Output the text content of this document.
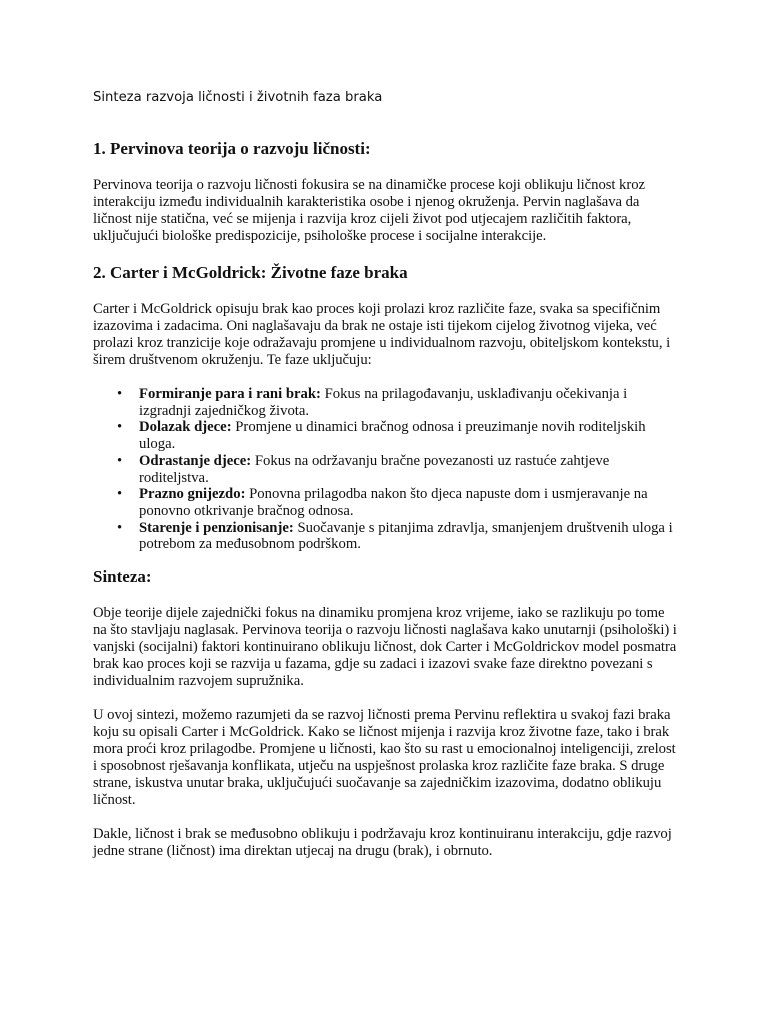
Sinteza razvoja ličnosti i životnih faza braka
1. Pervinova teorija o razvoju ličnosti:

Pervinova teorija o razvoju ličnosti fokusira se na dinamičke procese koji oblikuju ličnost kroz interakciju između individualnih karakteristika osobe i njenog okruženja. Pervin naglašava da ličnost nije statična, već se mijenja i razvija kroz cijeli život pod utjecajem različitih faktora, uključujući biološke predispozicije, psihološke procese i socijalne interakcije.

2. Carter i McGoldrick: Životne faze braka

Carter i McGoldrick opisuju brak kao proces koji prolazi kroz različite faze, svaka sa specifičnim izazovima i zadacima. Oni naglašavaju da brak ne ostaje isti tijekom cijelog životnog vijeka, već prolazi kroz tranzicije koje odražavaju promjene u individualnom razvoju, obiteljskom kontekstu, i širem društvenom okruženju. Te faze uključuju:

• Formiranje para i rani brak: Fokus na prilagođavanju, usklađivanju očekivanja i izgradnji zajedničkog života.
• Dolazak djece: Promjene u dinamici bračnog odnosa i preuzimanje novih roditeljskih uloga.
• Odrastanje djece: Fokus na održavanju bračne povezanosti uz rastuće zahtjeve roditeljstva.
• Prazno gnijezdo: Ponovna prilagodba nakon što djeca napuste dom i usmjeravanje na ponovno otkrivanje bračnog odnosa.
• Starenje i penzionisanje: Suočavanje s pitanjima zdravlja, smanjenjem društvenih uloga i potrebom za međusobnom podrškom.
Sinteza:

Obje teorije dijele zajednički fokus na dinamiku promjena kroz vrijeme, iako se razlikuju po tome na što stavljaju naglasak. Pervinova teorija o razvoju ličnosti naglašava kako unutarnji (psihološki) i vanjski (socijalni) faktori kontinuirano oblikuju ličnost, dok Carter i McGoldrickov model posmatra brak kao proces koji se razvija u fazama, gdje su zadaci i izazovi svake faze direktno povezani s individualnim razvojem supružnika.

U ovoj sintezi, možemo razumjeti da se razvoj ličnosti prema Pervinu reflektira u svakoj fazi braka koju su opisali Carter i McGoldrick. Kako se ličnost mijenja i razvija kroz životne faze, tako i brak mora proći kroz prilagodbe. Promjene u ličnosti, kao što su rast u emocionalnoj inteligenciji, zrelost i sposobnost rješavanja konflikata, utječu na uspješnost prolaska kroz različite faze braka. S druge strane, iskustva unutar braka, uključujući suočavanje sa zajedničkim izazovima, dodatno oblikuju ličnost.

Dakle, ličnost i brak se međusobno oblikuju i podržavaju kroz kontinuiranu interakciju, gdje razvoj jedne strane (ličnost) ima direktan utjecaj na drugu (brak), i obrnuto.
